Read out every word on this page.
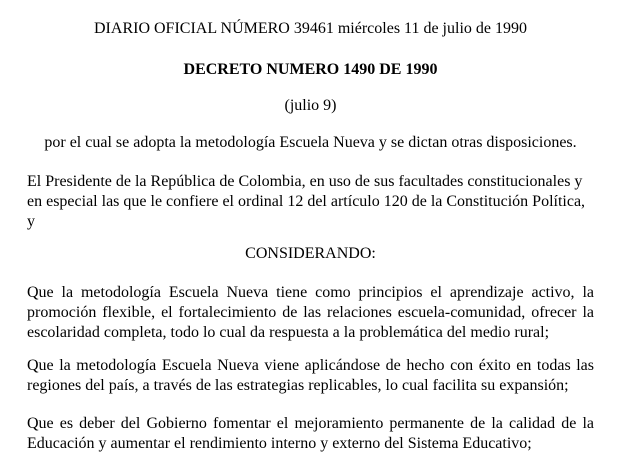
DIARIO OFICIAL NÚMERO 39461 miércoles 11 de julio de 1990
DECRETO NUMERO 1490 DE 1990
(julio 9)
por el cual se adopta la metodología Escuela Nueva y se dictan otras disposiciones.
El Presidente de la República de Colombia, en uso de sus facultades constitucionales y
en especial las que le confiere el ordinal 12 del artículo 120 de la Constitución Política,
y
CONSIDERANDO:

Que la metodología Escuela Nueva tiene como principios el aprendizaje activo, la promoción flexible, el fortalecimiento de las relaciones escuela-comunidad, ofrecer la escolaridad completa, todo lo cual da respuesta a la problemática del medio rural;

Que la metodología Escuela Nueva viene aplicándose de hecho con éxito en todas las regiones del país, a través de las estrategias replicables, lo cual facilita su expansión;

Que es deber del Gobierno fomentar el mejoramiento permanente de la calidad de la Educación y aumentar el rendimiento interno y externo del Sistema Educativo;
